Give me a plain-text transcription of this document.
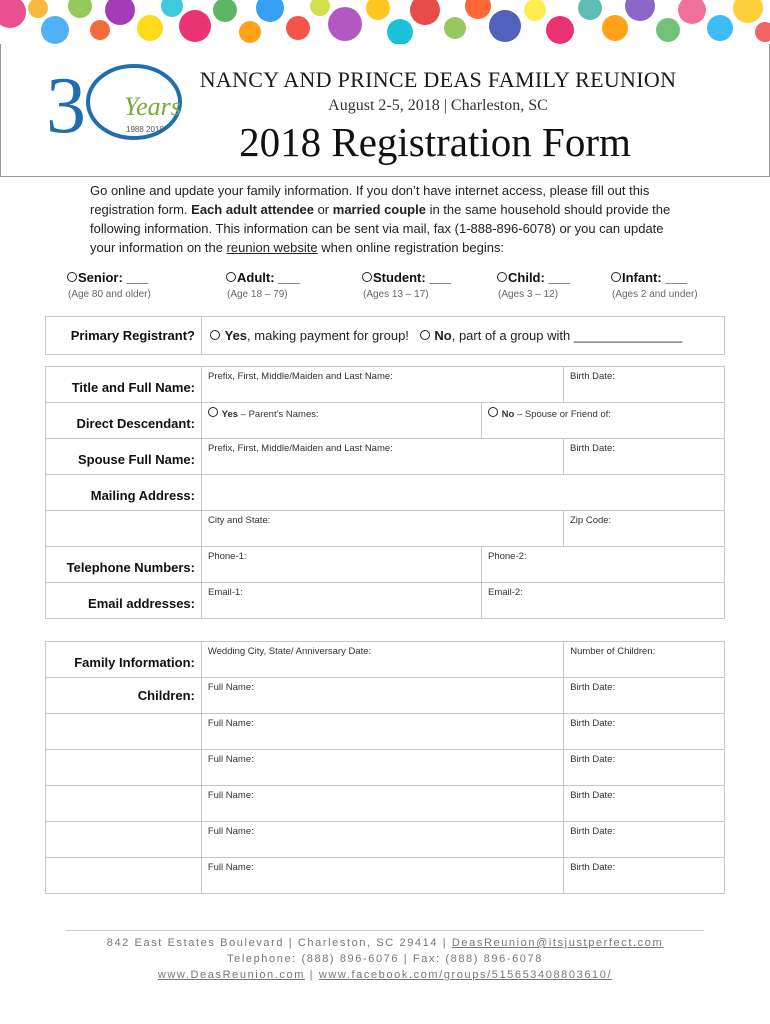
3 Years
1988 2018
NANCY AND PRINCE DEAS FAMILY REUNION
August 2-5, 2018 | Charleston, SC
2018 Registration Form
Go online and update your family information. If you don’t have internet access, please fill out this registration form. Each adult attendee or married couple in the same household should provide the following information. This information can be sent via mail, fax (1-888-896-6078) or you can update your information on the reunion website when online registration begins:
Senior: ___
(Age 80 and older)
Adult: ___
(Age 18 – 79)
Student: ___
(Ages 13 – 17)
Child: ___
(Ages 3 – 12)
Infant: ___
(Ages 2 and under)
Primary Registrant?	Yes, making payment for group! No, part of a group with _______________
Title and Full Name:	Prefix, First, Middle/Maiden and Last Name:		Birth Date:

Direct Descendant:	Yes – Parent’s Names:	No – Spouse or Friend of:	

Spouse Full Name:	Prefix, First, Middle/Maiden and Last Name:		Birth Date:

Mailing Address:			

	City and State:		Zip Code:

Telephone Numbers:	Phone-1:	Phone-2:	

Email addresses:	Email-1:	Email-2:	
Family Information:	Wedding City, State/ Anniversary Date:	Number of Children:

Children:	Full Name:	Birth Date:

	Full Name:	Birth Date:

	Full Name:	Birth Date:

	Full Name:	Birth Date:

	Full Name:	Birth Date:

	Full Name:	Birth Date:
842 East Estates Boulevard | Charleston, SC 29414 | DeasReunion@itsjustperfect.com
Telephone: (888) 896-6076 | Fax: (888) 896-6078
www.DeasReunion.com | www.facebook.com/groups/515653408803610/
